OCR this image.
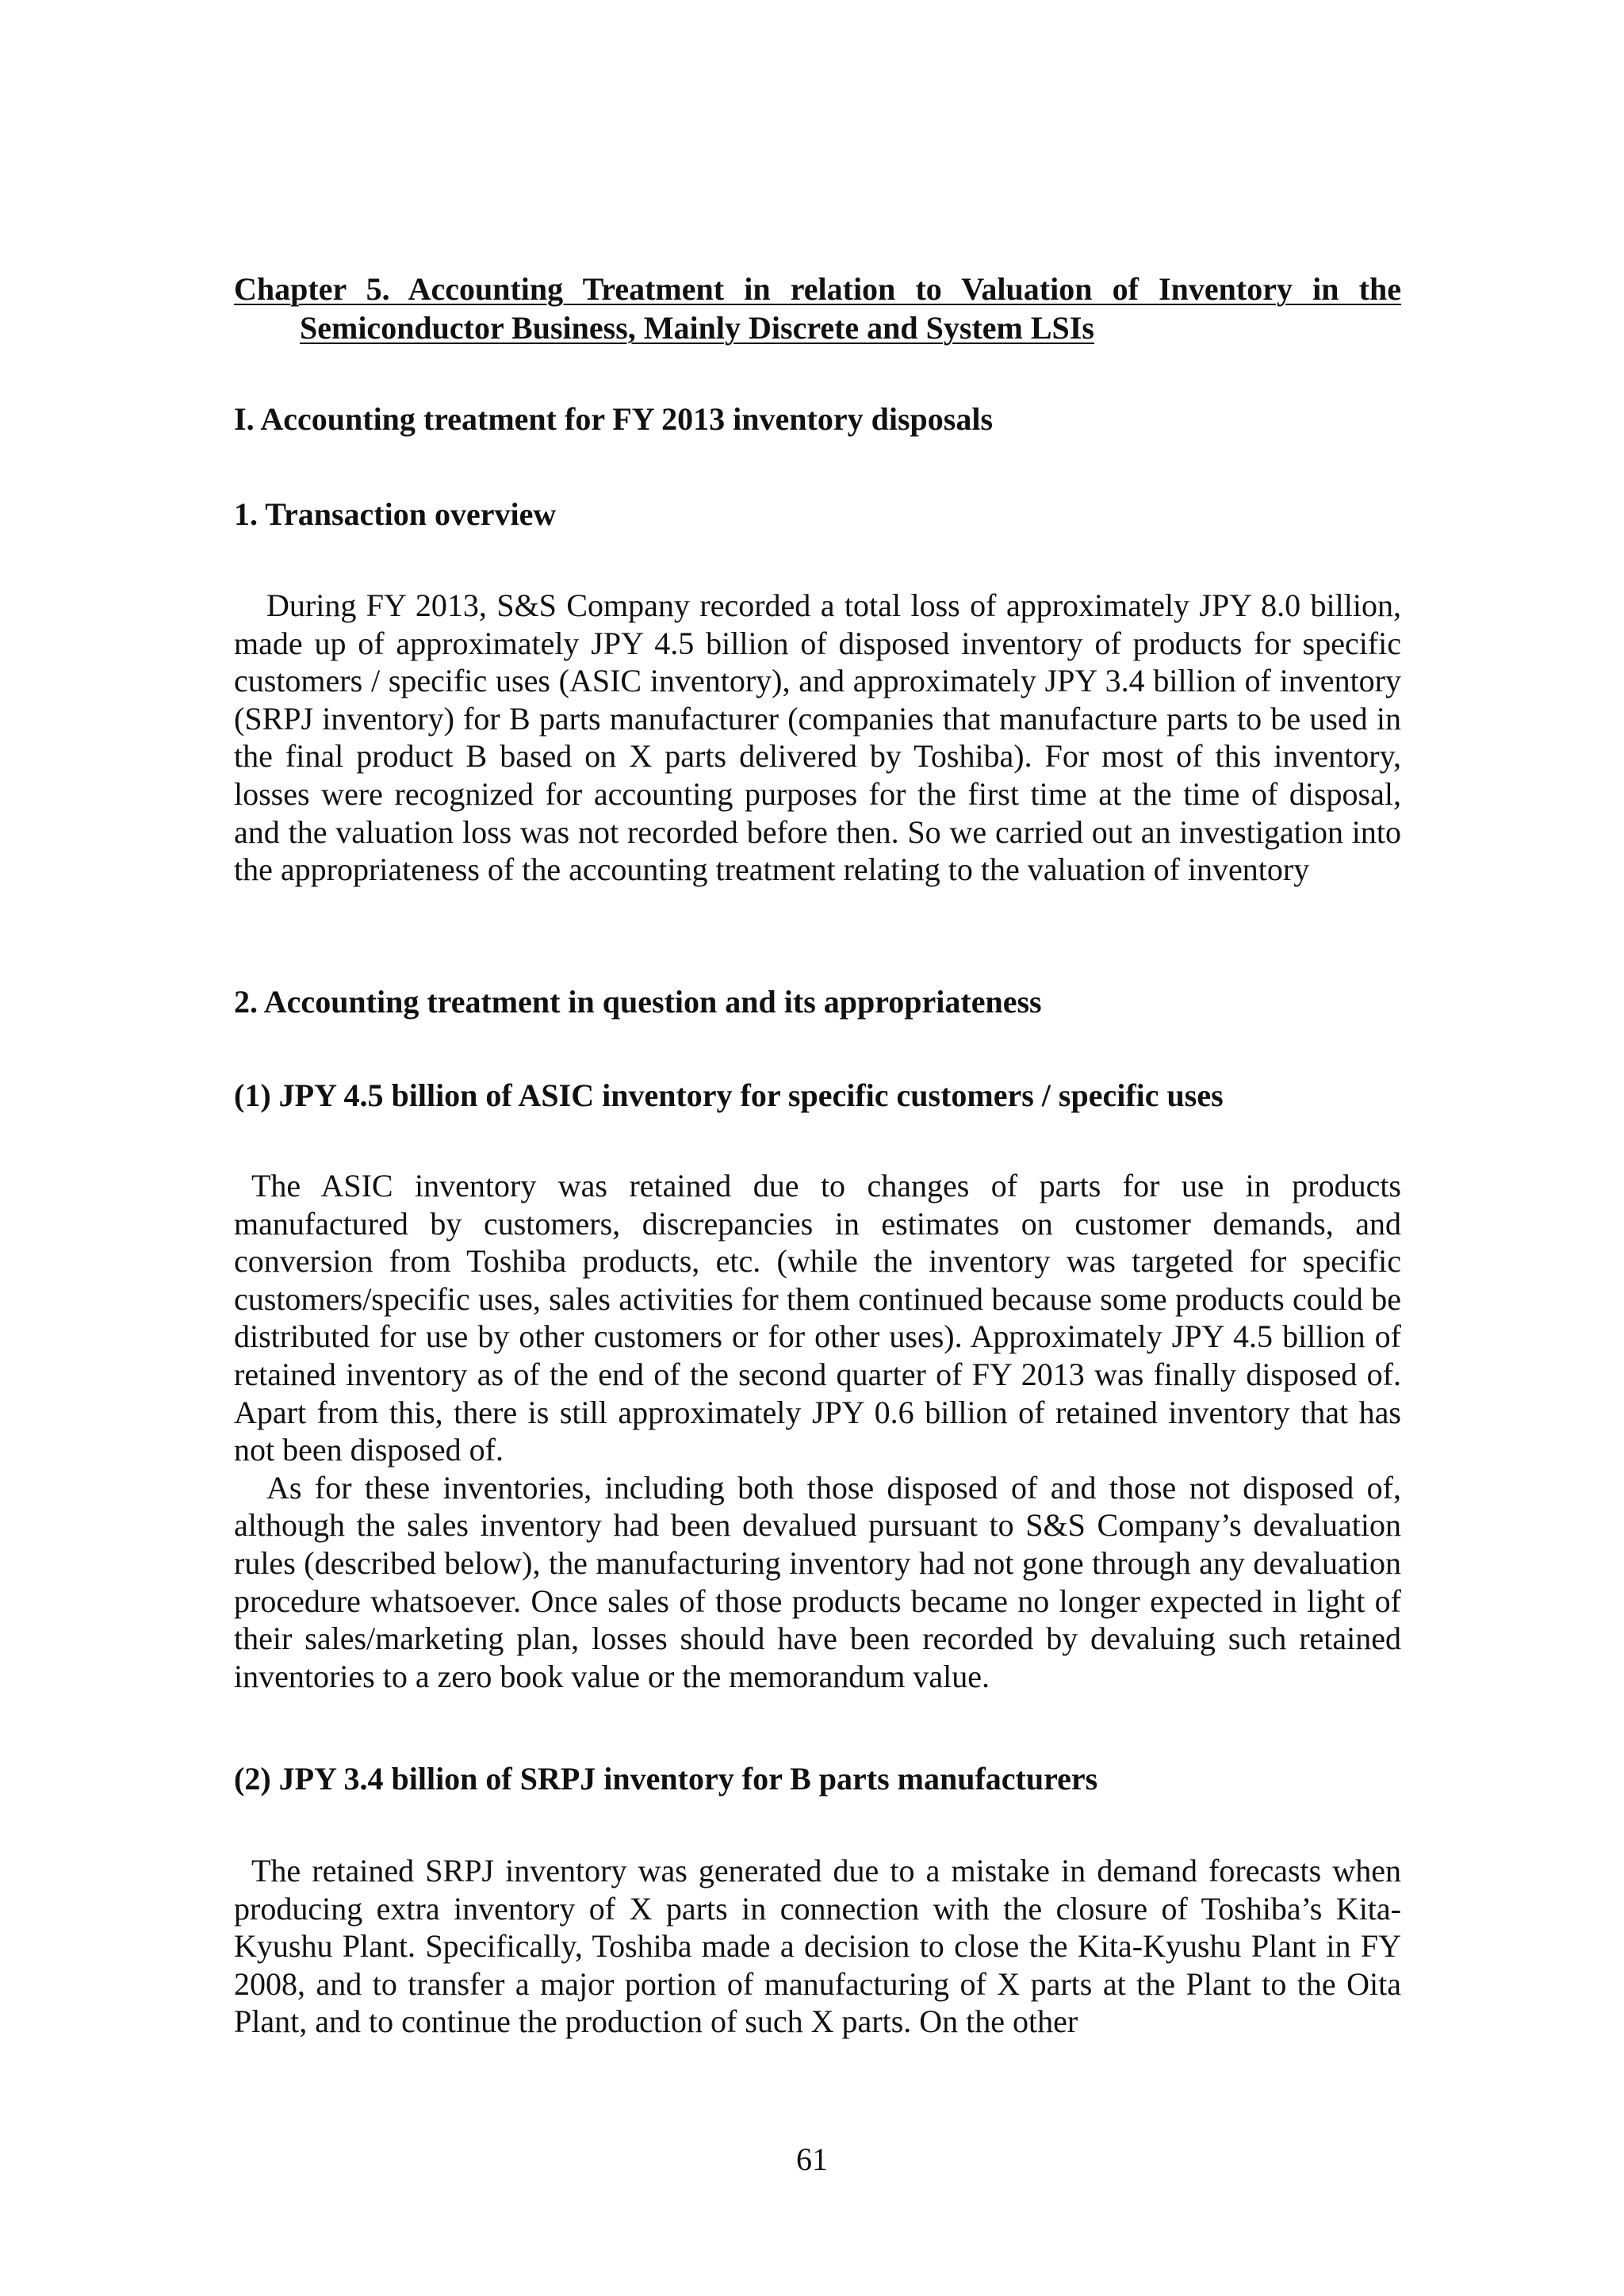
Chapter 5. Accounting Treatment in relation to Valuation of Inventory in the
Semiconductor Business, Mainly Discrete and System LSIs

I. Accounting treatment for FY 2013 inventory disposals

1. Transaction overview

During FY 2013, S&S Company recorded a total loss of approximately JPY 8.0 billion, made up of approximately JPY 4.5 billion of disposed inventory of products for specific customers / specific uses (ASIC inventory), and approximately JPY 3.4 billion of inventory (SRPJ inventory) for B parts manufacturer (companies that manufacture parts to be used in the final product B based on X parts delivered by Toshiba). For most of this inventory, losses were recognized for accounting purposes for the first time at the time of disposal, and the valuation loss was not recorded before then. So we carried out an investigation into the appropriateness of the accounting treatment relating to the valuation of inventory

2. Accounting treatment in question and its appropriateness

(1) JPY 4.5 billion of ASIC inventory for specific customers / specific uses

The ASIC inventory was retained due to changes of parts for use in products manufactured by customers, discrepancies in estimates on customer demands, and conversion from Toshiba products, etc. (while the inventory was targeted for specific customers/specific uses, sales activities for them continued because some products could be distributed for use by other customers or for other uses). Approximately JPY 4.5 billion of retained inventory as of the end of the second quarter of FY 2013 was finally disposed of. Apart from this, there is still approximately JPY 0.6 billion of retained inventory that has not been disposed of.

As for these inventories, including both those disposed of and those not disposed of, although the sales inventory had been devalued pursuant to S&S Company’s devaluation rules (described below), the manufacturing inventory had not gone through any devaluation procedure whatsoever. Once sales of those products became no longer expected in light of their sales/marketing plan, losses should have been recorded by devaluing such retained inventories to a zero book value or the memorandum value.

(2) JPY 3.4 billion of SRPJ inventory for B parts manufacturers

The retained SRPJ inventory was generated due to a mistake in demand forecasts when producing extra inventory of X parts in connection with the closure of Toshiba’s Kita-Kyushu Plant. Specifically, Toshiba made a decision to close the Kita-Kyushu Plant in FY 2008, and to transfer a major portion of manufacturing of X parts at the Plant to the Oita Plant, and to continue the production of such X parts. On the other

61
